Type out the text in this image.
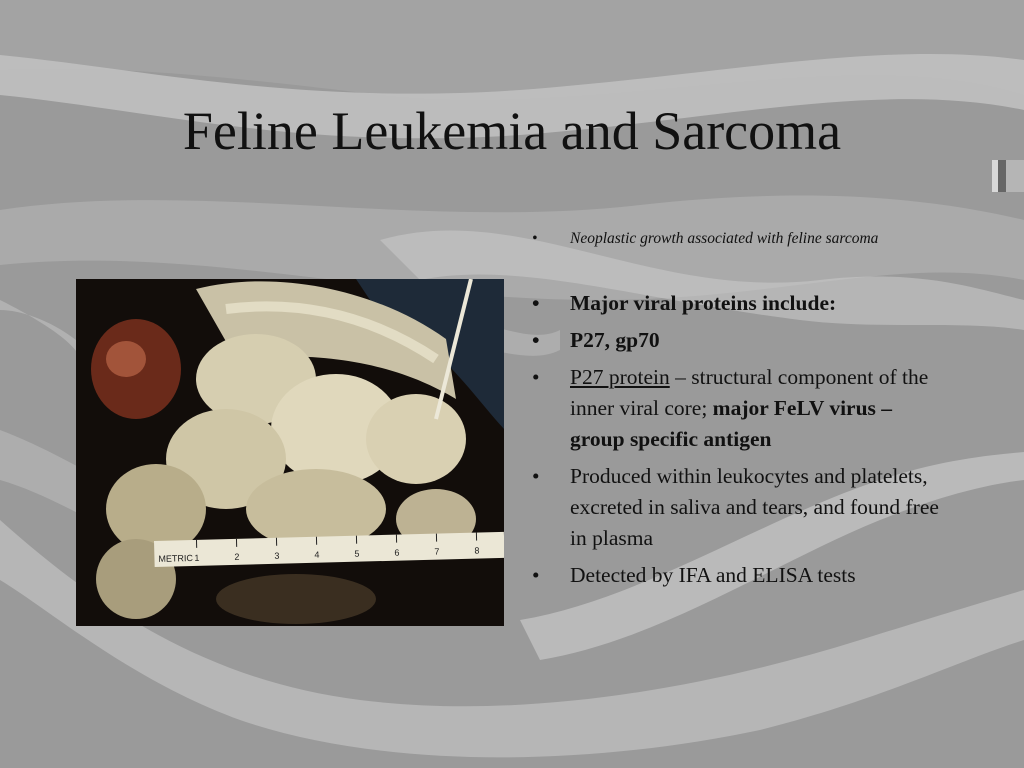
Feline Leukemia and Sarcoma
METRIC 1	2	3	4	5	6	7	8
• Neoplastic growth associated with feline sarcoma
• Major viral proteins include:
• P27, gp70
• P27 protein – structural component of the inner viral core; major FeLV virus – group specific antigen
• Produced within leukocytes and platelets, excreted in saliva and tears, and found free in plasma
• Detected by IFA and ELISA tests
